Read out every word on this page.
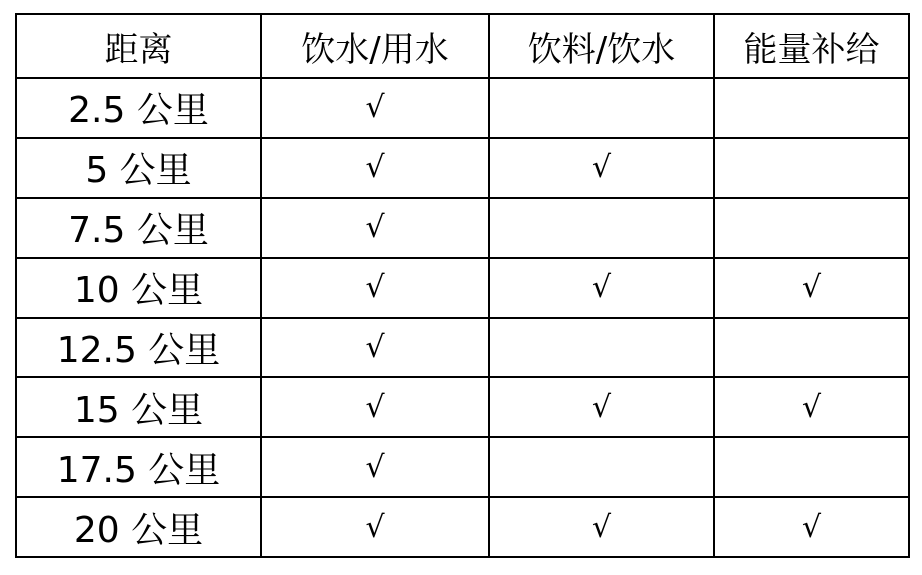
距离	饮水/用水	饮料/饮水	能量补给
2.5 公里	√		
5 公里	√	√	
7.5 公里	√		
10 公里	√	√	√
12.5 公里	√		
15 公里	√	√	√
17.5 公里	√		
20 公里	√	√	√
